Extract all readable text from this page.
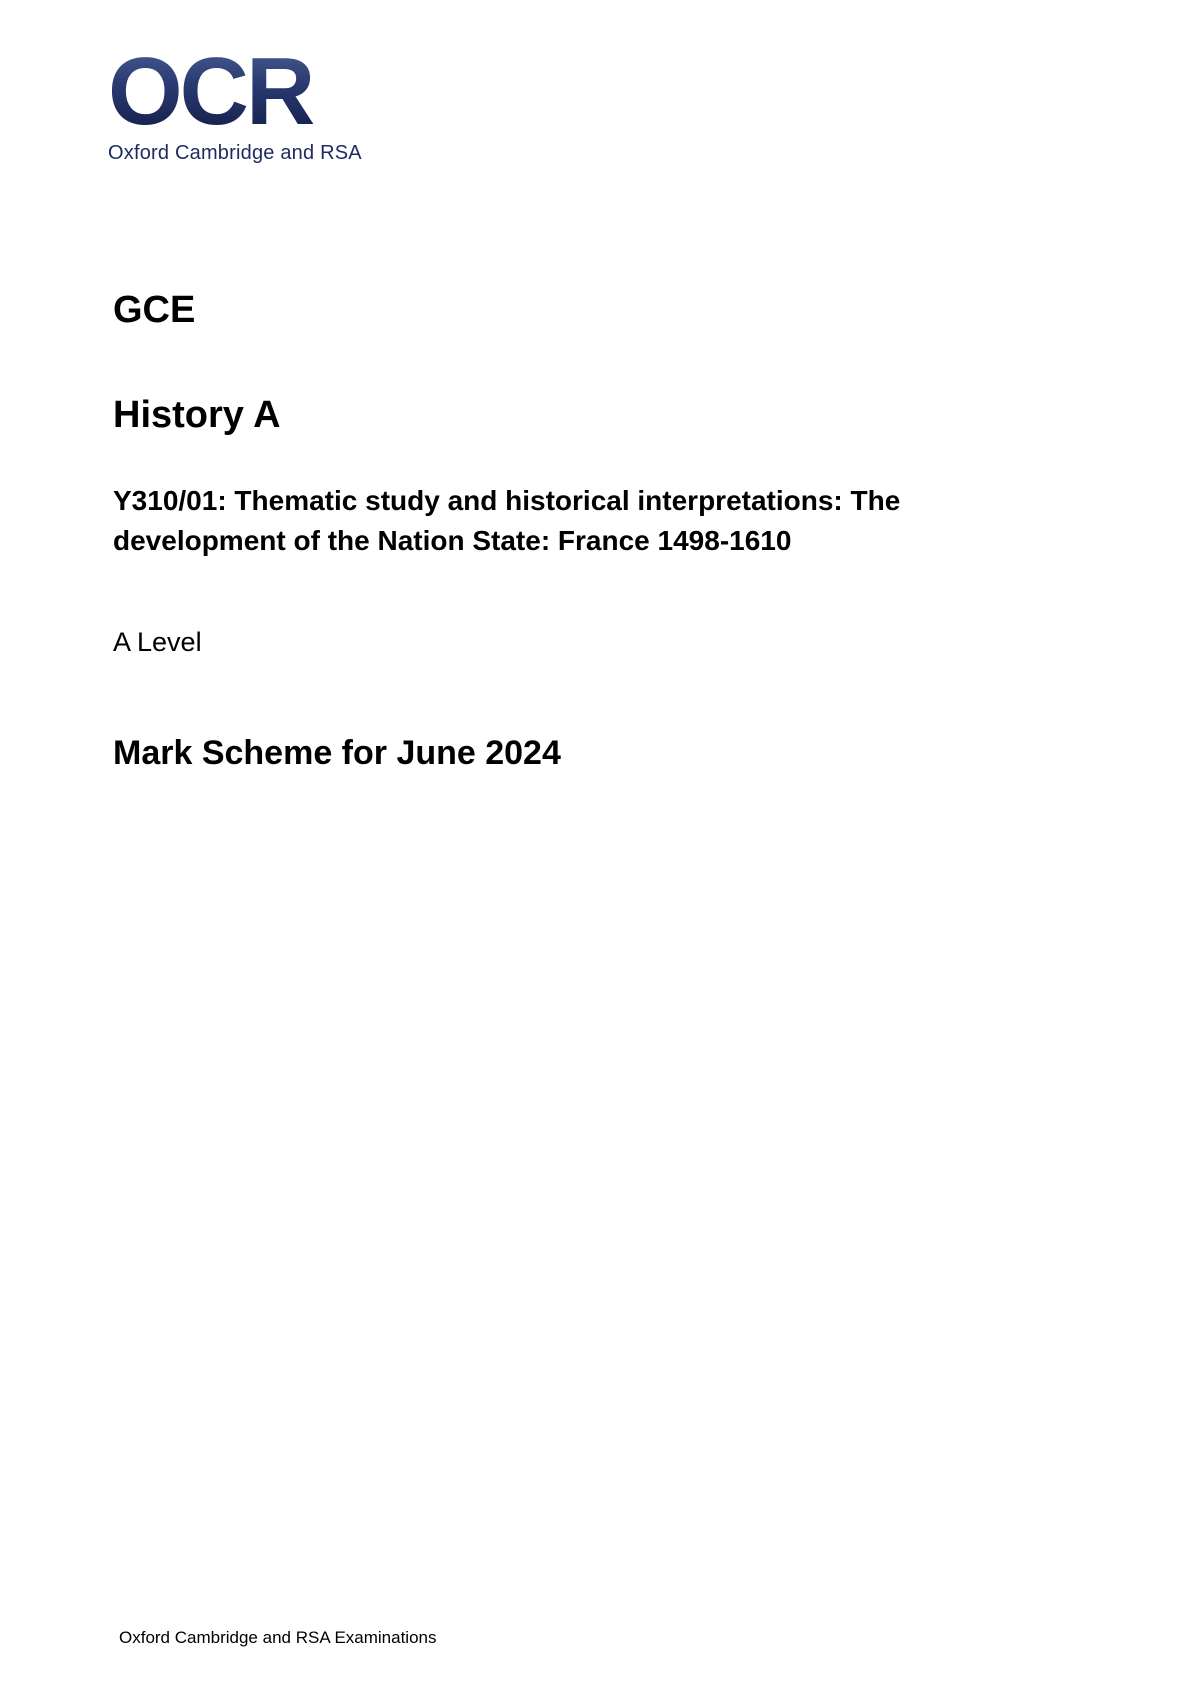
OCR
Oxford Cambridge and RSA
GCE
History A

Y310/01: Thematic study and historical interpretations: The development of the Nation State: France 1498-1610

A Level

Mark Scheme for June 2024
Oxford Cambridge and RSA Examinations
